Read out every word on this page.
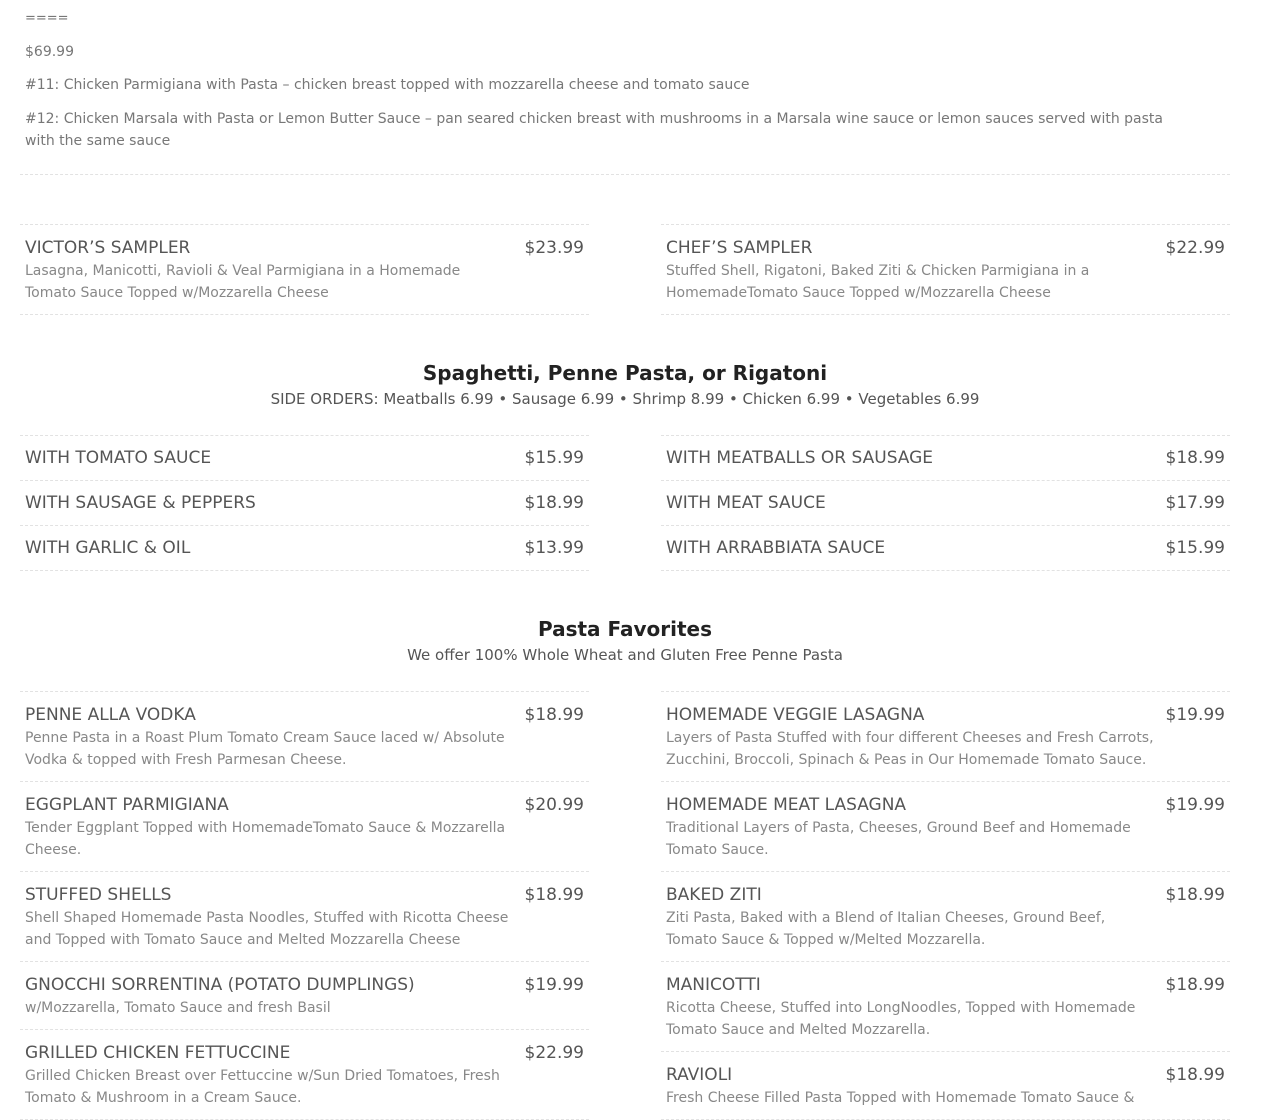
====

$69.99

#11: Chicken Parmigiana with Pasta – chicken breast topped with mozzarella cheese and tomato sauce

#12: Chicken Marsala with Pasta or Lemon Butter Sauce – pan seared chicken breast with mushrooms in a Marsala wine sauce or lemon sauces served with pasta with the same sauce

VICTOR’S SAMPLER	$23.99
Lasagna, Manicotti, Ravioli & Veal Parmigiana in a Homemade Tomato Sauce Topped w/Mozzarella Cheese
CHEF’S SAMPLER	$22.99
Stuffed Shell, Rigatoni, Baked Ziti & Chicken Parmigiana in a HomemadeTomato Sauce Topped w/Mozzarella Cheese
Spaghetti, Penne Pasta, or Rigatoni
SIDE ORDERS: Meatballs 6.99 • Sausage 6.99 • Shrimp 8.99 • Chicken 6.99 • Vegetables 6.99
WITH TOMATO SAUCE	$15.99
WITH SAUSAGE & PEPPERS	$18.99
WITH GARLIC & OIL	$13.99
WITH MEATBALLS OR SAUSAGE	$18.99
WITH MEAT SAUCE	$17.99
WITH ARRABBIATA SAUCE	$15.99
Pasta Favorites
We offer 100% Whole Wheat and Gluten Free Penne Pasta
PENNE ALLA VODKA	$18.99
Penne Pasta in a Roast Plum Tomato Cream Sauce laced w/ Absolute Vodka & topped with Fresh Parmesan Cheese.
EGGPLANT PARMIGIANA	$20.99
Tender Eggplant Topped with HomemadeTomato Sauce & Mozzarella Cheese.
STUFFED SHELLS	$18.99
Shell Shaped Homemade Pasta Noodles, Stuffed with Ricotta Cheese and Topped with Tomato Sauce and Melted Mozzarella Cheese
GNOCCHI SORRENTINA (POTATO DUMPLINGS)	$19.99
w/Mozzarella, Tomato Sauce and fresh Basil
GRILLED CHICKEN FETTUCCINE	$22.99
Grilled Chicken Breast over Fettuccine w/Sun Dried Tomatoes, Fresh Tomato & Mushroom in a Cream Sauce.
HOMEMADE VEGGIE LASAGNA	$19.99
Layers of Pasta Stuffed with four different Cheeses and Fresh Carrots, Zucchini, Broccoli, Spinach & Peas in Our Homemade Tomato Sauce.
HOMEMADE MEAT LASAGNA	$19.99
Traditional Layers of Pasta, Cheeses, Ground Beef and Homemade Tomato Sauce.
BAKED ZITI	$18.99
Ziti Pasta, Baked with a Blend of Italian Cheeses, Ground Beef, Tomato Sauce & Topped w/Melted Mozzarella.
MANICOTTI	$18.99
Ricotta Cheese, Stuffed into LongNoodles, Topped with Homemade Tomato Sauce and Melted Mozzarella.
RAVIOLI	$18.99
Fresh Cheese Filled Pasta Topped with Homemade Tomato Sauce &
